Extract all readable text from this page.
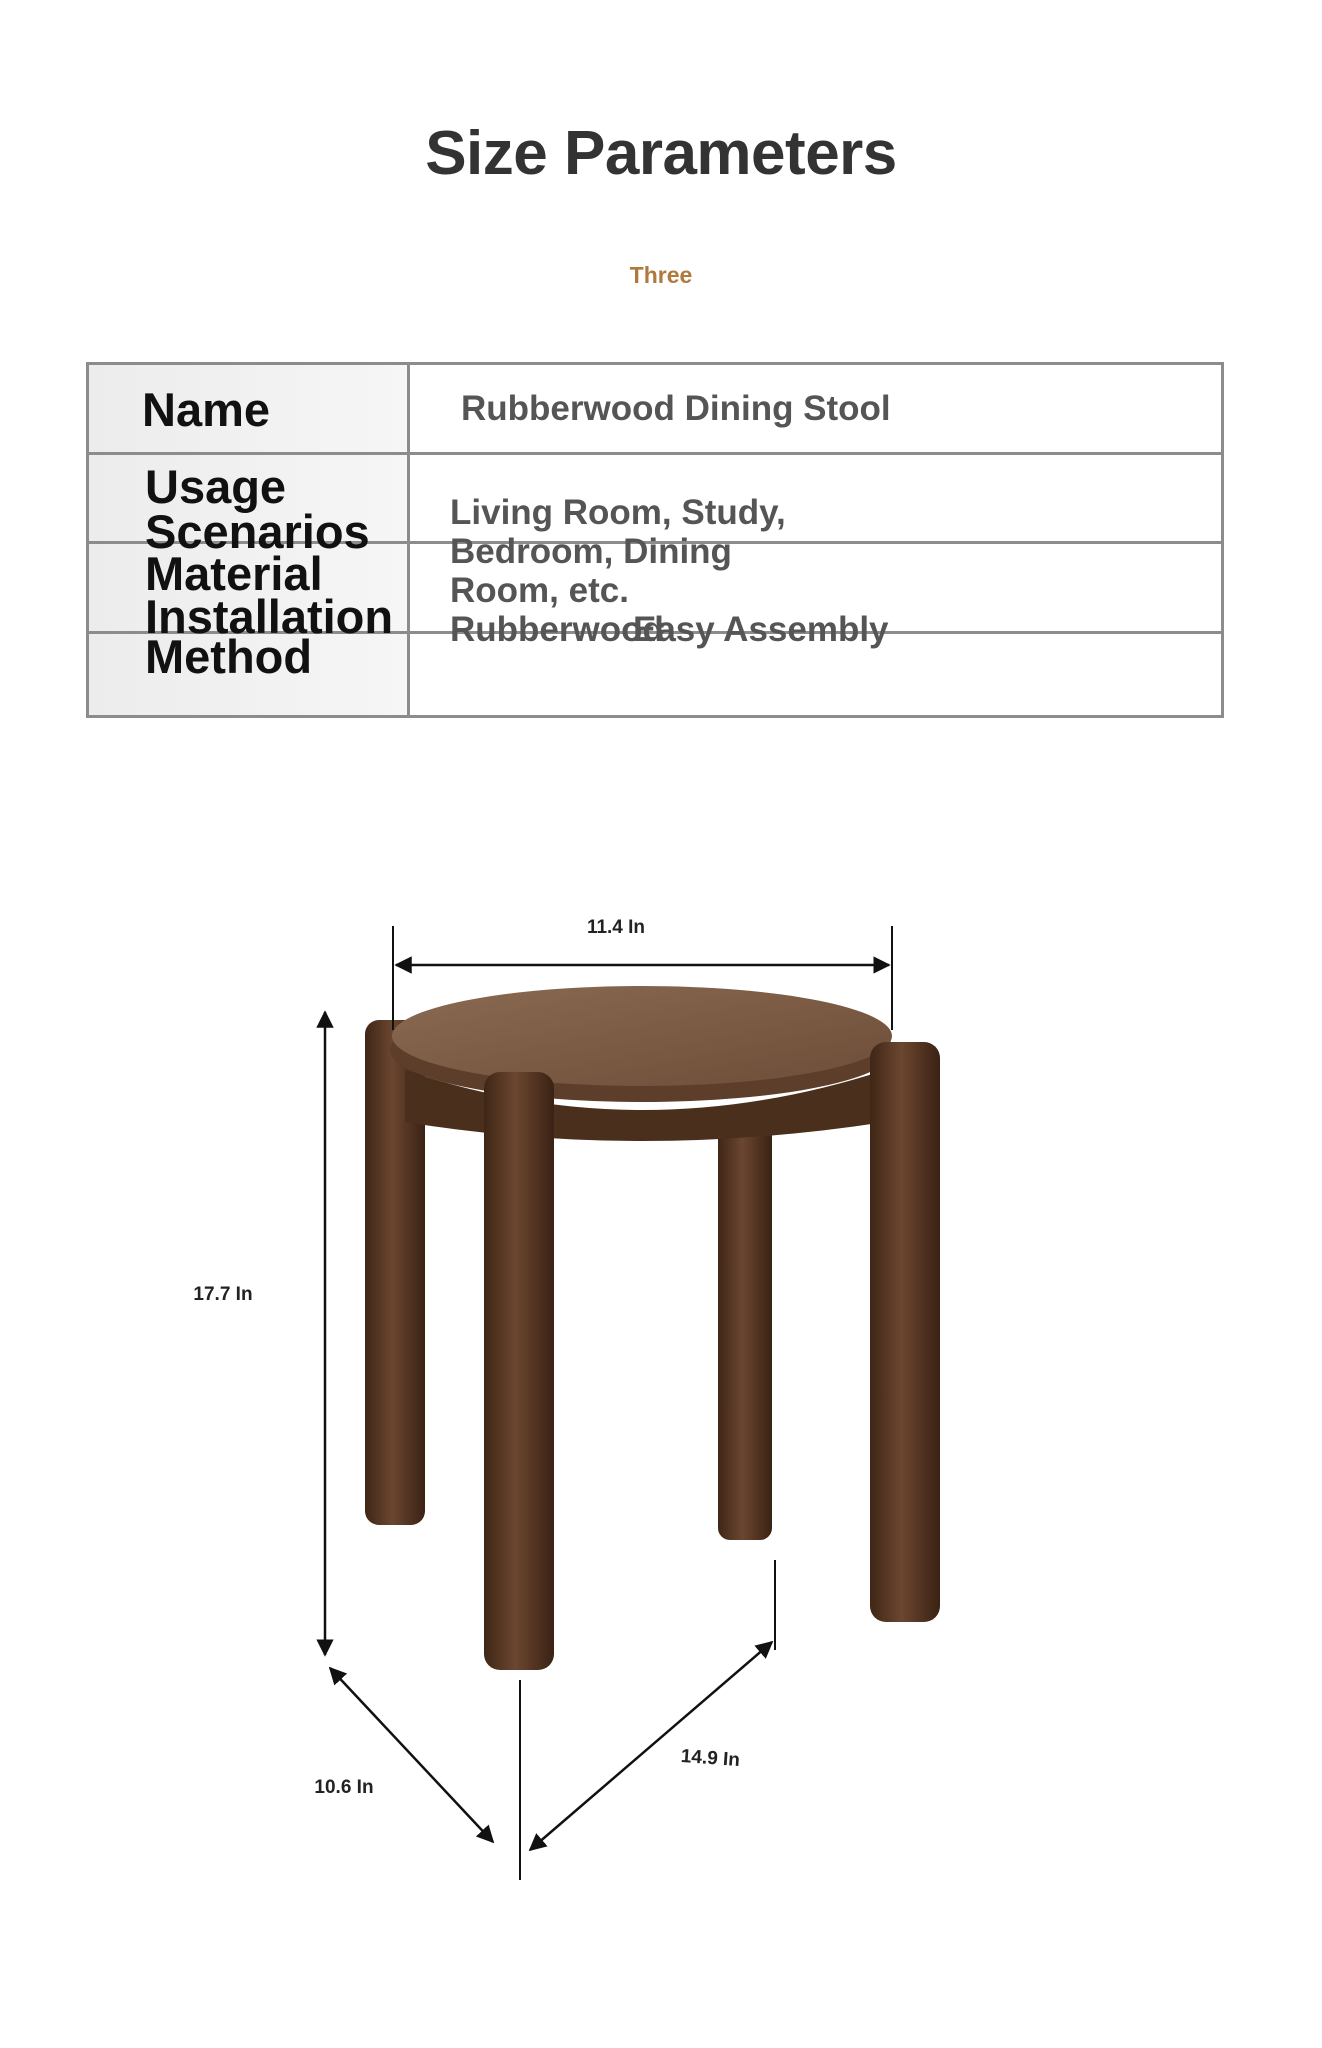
Size Parameters
Three
Name	Rubberwood Dining Stool
Usage Scenarios	Living Room, Study, Bedroom, Dining Room, etc.
Material
Rubberwood
Installation Method
Easy Assembly
11.4 In
17.7 In
10.6 In
14.9 In
